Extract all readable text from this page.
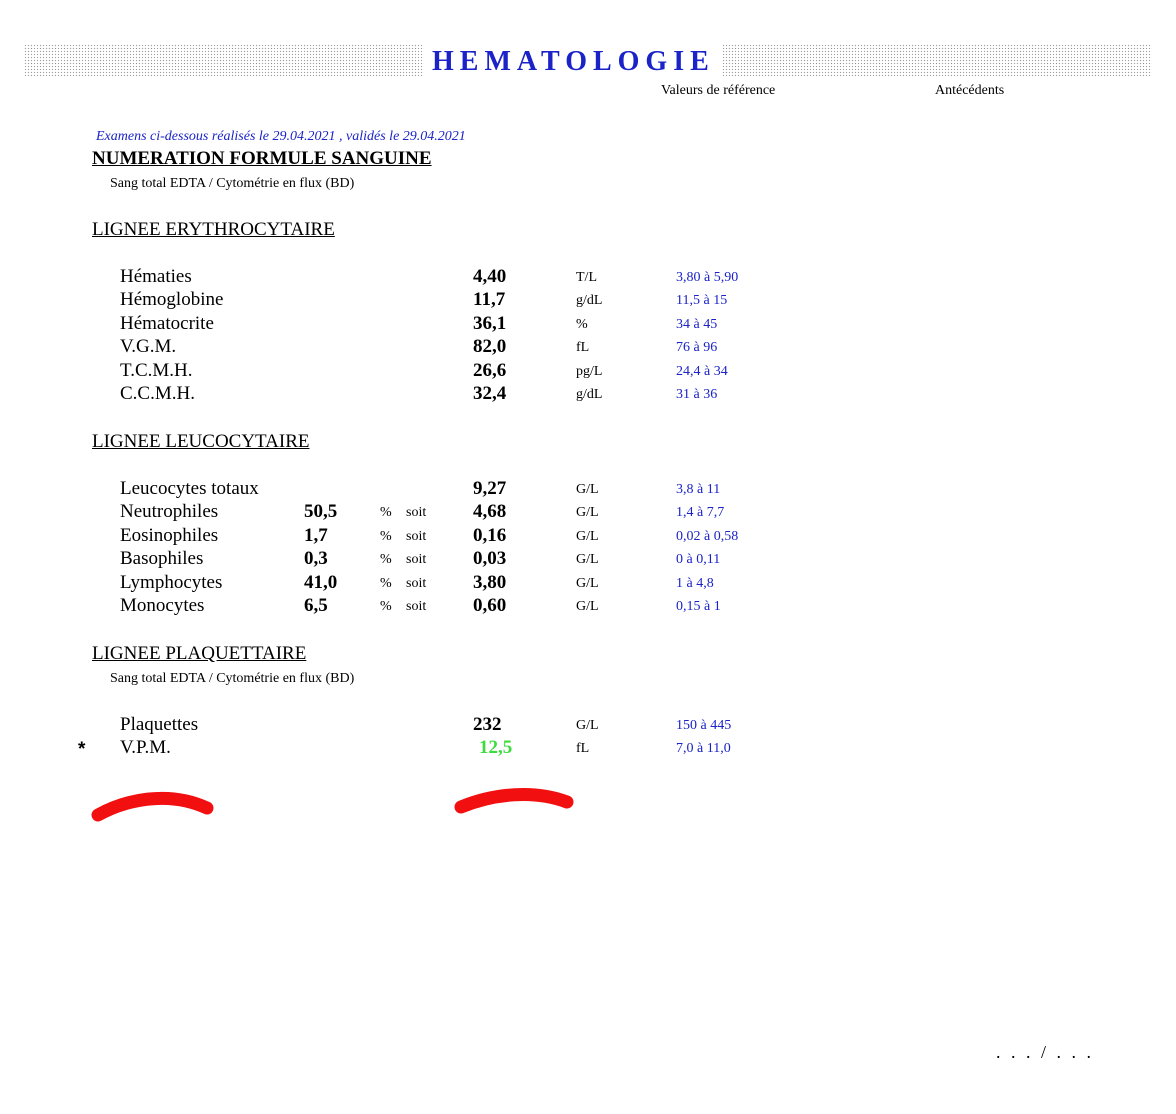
HEMATOLOGIE
Valeurs de référence	Antécédents
Examens ci-dessous réalisés le 29.04.2021 , validés le 29.04.2021
NUMERATION FORMULE SANGUINE
Sang total EDTA / Cytométrie en flux (BD)
LIGNEE ERYTHROCYTAIRE
Hématies	4,40	T/L	3,80 à 5,90
Hémoglobine	11,7	g/dL	11,5 à 15
Hématocrite	36,1	%	34 à 45
V.G.M.	82,0	fL	76 à 96
T.C.M.H.	26,6	pg/L	24,4 à 34
C.C.M.H.	32,4	g/dL	31 à 36
LIGNEE LEUCOCYTAIRE
Leucocytes totaux	9,27	G/L	3,8 à 11
Neutrophiles	50,5	% soit 4,68	G/L	1,4 à 7,7
Eosinophiles	1,7	% soit 0,16	G/L	0,02 à 0,58
Basophiles	0,3	% soit 0,03	G/L	0 à 0,11
Lymphocytes	41,0	% soit 3,80	G/L	1 à 4,8
Monocytes	6,5	% soit 0,60	G/L	0,15 à 1
LIGNEE PLAQUETTAIRE
Sang total EDTA / Cytométrie en flux (BD)
Plaquettes	232	G/L	150 à 445
* V.P.M.	12,5	fL	7,0 à 11,0
. . . / . . .
